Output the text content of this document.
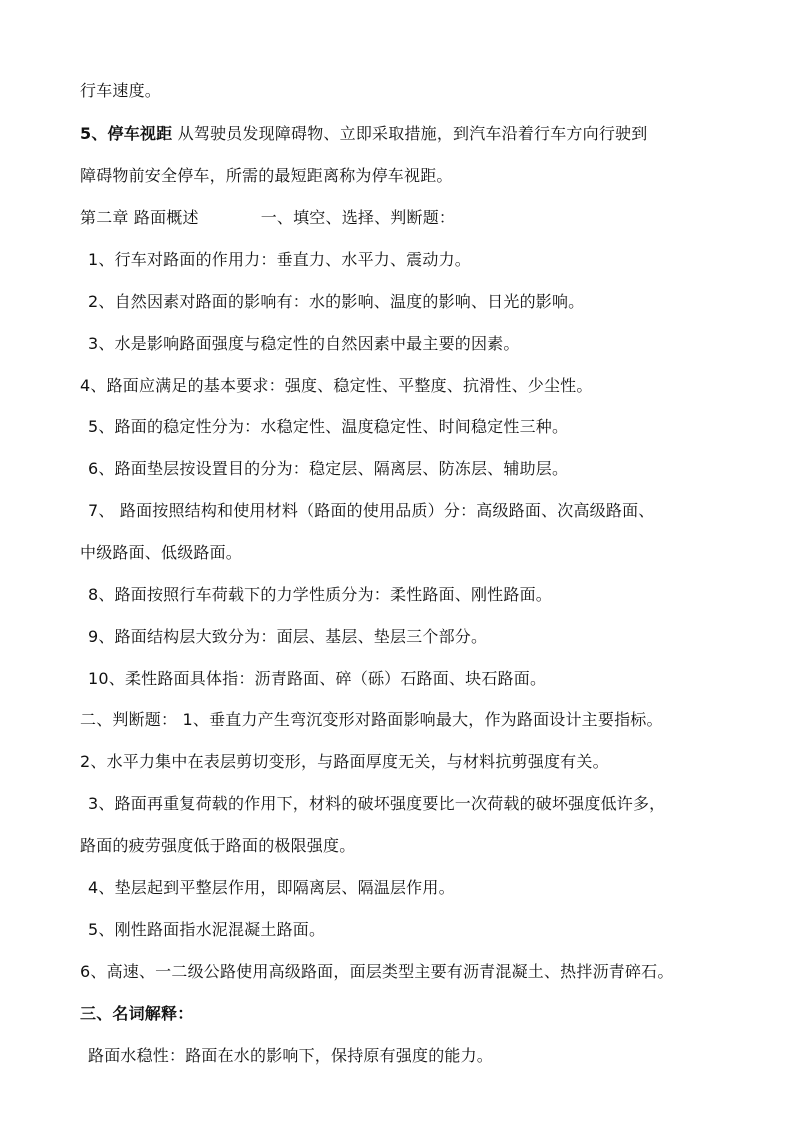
行车速度。
5、停车视距 从驾驶员发现障碍物、立即采取措施，到汽车沿着行车方向行驶到
障碍物前安全停车，所需的最短距离称为停车视距。
第二章 路面概述	一、填空、选择、判断题：
1、行车对路面的作用力：垂直力、水平力、震动力。
2、自然因素对路面的影响有：水的影响、温度的影响、日光的影响。
3、水是影响路面强度与稳定性的自然因素中最主要的因素。
4、路面应满足的基本要求：强度、稳定性、平整度、抗滑性、少尘性。
5、路面的稳定性分为：水稳定性、温度稳定性、时间稳定性三种。
6、路面垫层按设置目的分为：稳定层、隔离层、防冻层、辅助层。
7、 路面按照结构和使用材料（路面的使用品质）分：高级路面、次高级路面、
中级路面、低级路面。
8、路面按照行车荷载下的力学性质分为：柔性路面、刚性路面。
9、路面结构层大致分为：面层、基层、垫层三个部分。
10、柔性路面具体指：沥青路面、碎（砾）石路面、块石路面。
二、判断题： 1、垂直力产生弯沉变形对路面影响最大，作为路面设计主要指标。
2、水平力集中在表层剪切变形，与路面厚度无关，与材料抗剪强度有关。
3、路面再重复荷载的作用下，材料的破坏强度要比一次荷载的破坏强度低许多，
路面的疲劳强度低于路面的极限强度。
4、垫层起到平整层作用，即隔离层、隔温层作用。
5、刚性路面指水泥混凝土路面。
6、高速、一二级公路使用高级路面，面层类型主要有沥青混凝土、热拌沥青碎石。
三、名词解释：
路面水稳性：路面在水的影响下，保持原有强度的能力。
